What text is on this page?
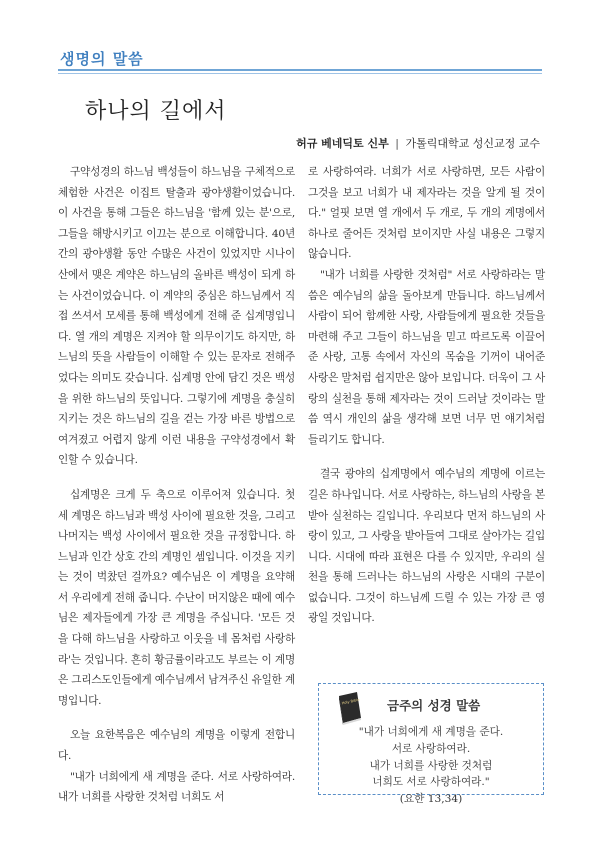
생명의 말씀
하나의 길에서
허규 베네딕토 신부 | 가톨릭대학교 성신교정 교수

구약성경의 하느님 백성들이 하느님을 구체적으로 체험한 사건은 이집트 탈출과 광야생활이었습니다. 이 사건을 통해 그들은 하느님을 '함께 있는 분'으로, 그들을 해방시키고 이끄는 분으로 이해합니다. 40년간의 광야생활 동안 수많은 사건이 있었지만 시나이산에서 맺은 계약은 하느님의 올바른 백성이 되게 하는 사건이었습니다. 이 계약의 중심은 하느님께서 직접 쓰셔서 모세를 통해 백성에게 전해 준 십계명입니다. 열 개의 계명은 지켜야 할 의무이기도 하지만, 하느님의 뜻을 사람들이 이해할 수 있는 문자로 전해주었다는 의미도 갖습니다. 십계명 안에 담긴 것은 백성을 위한 하느님의 뜻입니다. 그렇기에 계명을 충실히 지키는 것은 하느님의 길을 걷는 가장 바른 방법으로 여겨졌고 어렵지 않게 이런 내용을 구약성경에서 확인할 수 있습니다.

십계명은 크게 두 축으로 이루어져 있습니다. 첫 세 계명은 하느님과 백성 사이에 필요한 것을, 그리고 나머지는 백성 사이에서 필요한 것을 규정합니다. 하느님과 인간 상호 간의 계명인 셈입니다. 이것을 지키는 것이 벅찼던 걸까요? 예수님은 이 계명을 요약해서 우리에게 전해 줍니다. 수난이 머지않은 때에 예수님은 제자들에게 가장 큰 계명을 주십니다. '모든 것을 다해 하느님을 사랑하고 이웃을 네 몸처럼 사랑하라'는 것입니다. 흔히 황금률이라고도 부르는 이 계명은 그리스도인들에게 예수님께서 남겨주신 유일한 계명입니다.

오늘 요한복음은 예수님의 계명을 이렇게 전합니다.

"내가 너희에게 새 계명을 준다. 서로 사랑하여라. 내가 너희를 사랑한 것처럼 너희도 서

로 사랑하여라. 너희가 서로 사랑하면, 모든 사람이 그것을 보고 너희가 내 제자라는 것을 알게 될 것이다." 얼핏 보면 열 개에서 두 개로, 두 개의 계명에서 하나로 줄어든 것처럼 보이지만 사실 내용은 그렇지 않습니다.

"내가 너희를 사랑한 것처럼" 서로 사랑하라는 말씀은 예수님의 삶을 돌아보게 만듭니다. 하느님께서 사람이 되어 함께한 사랑, 사람들에게 필요한 것들을 마련해 주고 그들이 하느님을 믿고 따르도록 이끌어 준 사랑, 고통 속에서 자신의 목숨을 기꺼이 내어준 사랑은 말처럼 쉽지만은 않아 보입니다. 더욱이 그 사랑의 실천을 통해 제자라는 것이 드러날 것이라는 말씀 역시 개인의 삶을 생각해 보면 너무 먼 얘기처럼 들리기도 합니다.

결국 광야의 십계명에서 예수님의 계명에 이르는 길은 하나입니다. 서로 사랑하는, 하느님의 사랑을 본받아 실천하는 길입니다. 우리보다 먼저 하느님의 사랑이 있고, 그 사랑을 받아들여 그대로 살아가는 길입니다. 시대에 따라 표현은 다를 수 있지만, 우리의 실천을 통해 드러나는 하느님의 사랑은 시대의 구분이 없습니다. 그것이 하느님께 드릴 수 있는 가장 큰 영광일 것입니다.

Holy Bible 금주의 성경 말씀
"내가 너희에게 새 계명을 준다.
서로 사랑하여라.
내가 너희를 사랑한 것처럼
너희도 서로 사랑하여라."
(요한 13,34)
